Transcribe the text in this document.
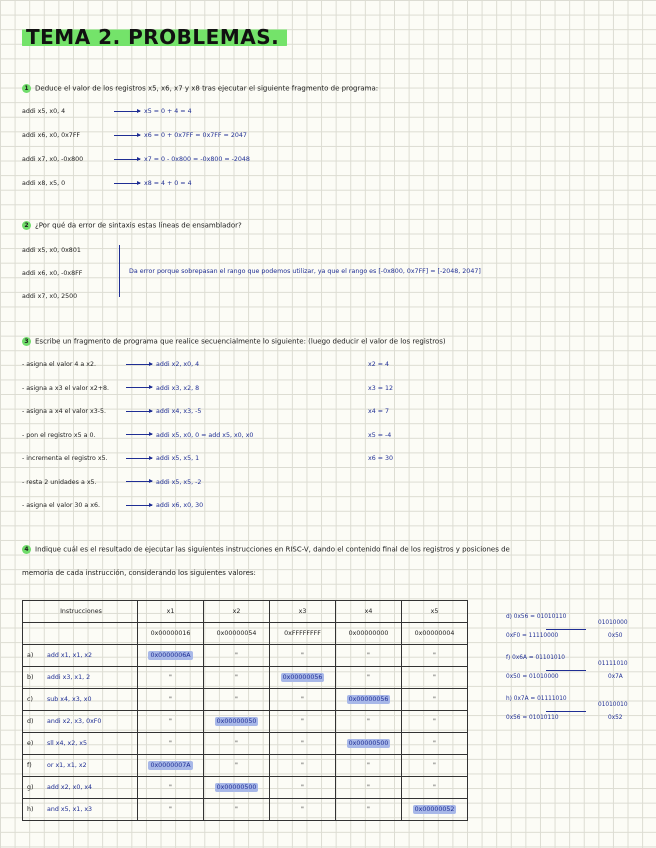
TEMA 2. PROBLEMAS.
1 Deduce el valor de los registros x5, x6, x7 y x8 tras ejecutar el siguiente fragmento de programa:
addi x5, x0, 4	x5 = 0 + 4 = 4
addi x6, x0, 0x7FF	x6 = 0 + 0x7FF = 0x7FF = 2047
addi x7, x0, -0x800	x7 = 0 - 0x800 = -0x800 = -2048
addi x8, x5, 0	x8 = 4 + 0 = 4
2 ¿Por qué da error de sintaxis estas líneas de ensamblador?
addi x5, x0, 0x801
addi x6, x0, -0x8FF
addi x7, x0, 2500
Da error porque sobrepasan el rango que podemos utilizar, ya que el rango es [-0x800, 0x7FF] = [-2048, 2047]
3 Escribe un fragmento de programa que realice secuencialmente lo siguiente: (luego deducir el valor de los registros)
- asigna el valor 4 a x2.	addi x2, x0, 4	x2 = 4
- asigna a x3 el valor x2+8.	addi x3, x2, 8	x3 = 12
- asigna a x4 el valor x3-5.	addi x4, x3, -5	x4 = 7
- pon el registro x5 a 0.	addi x5, x0, 0 = add x5, x0, x0	x5 = -4
- incrementa el registro x5.	addi x5, x5, 1	x6 = 30
- resta 2 unidades a x5.	addi x5, x5, -2
- asigna el valor 30 a x6.	addi x6, x0, 30
4 Indique cuál es el resultado de ejecutar las siguientes instrucciones en RISC-V, dando el contenido final de los registros y posiciones de
memoria de cada instrucción, considerando los siguientes valores:
Instrucciones	x1	x2	x3	x4	x5
	0x00000016	0x00000054	0xFFFFFFFF	0x00000000	0x00000004
a) add x1, x1, x2	0x0000006A	"	"	"	"
b) addi x3, x1, 2	"	"	0x00000056	"	"
c) sub x4, x3, x0	"	"	"	0x00000056	"
d) andi x2, x3, 0xF0	"	0x00000050	"	"	"
e) sll x4, x2, x5	"	"	"	0x00000500	"
f) or x1, x1, x2	0x0000007A	"	"	"	"
g) add x2, x0, x4	"	0x00000500	"	"	"
h) and x5, x1, x3	"	"	"	"	0x00000052
d) 0x56 = 01010110
0xF0 = 11110000
01010000
0x50
f) 0x6A = 01101010
0x50 = 01010000
01111010
0x7A
h) 0x7A = 01111010
0x56 = 01010110
01010010
0x52
